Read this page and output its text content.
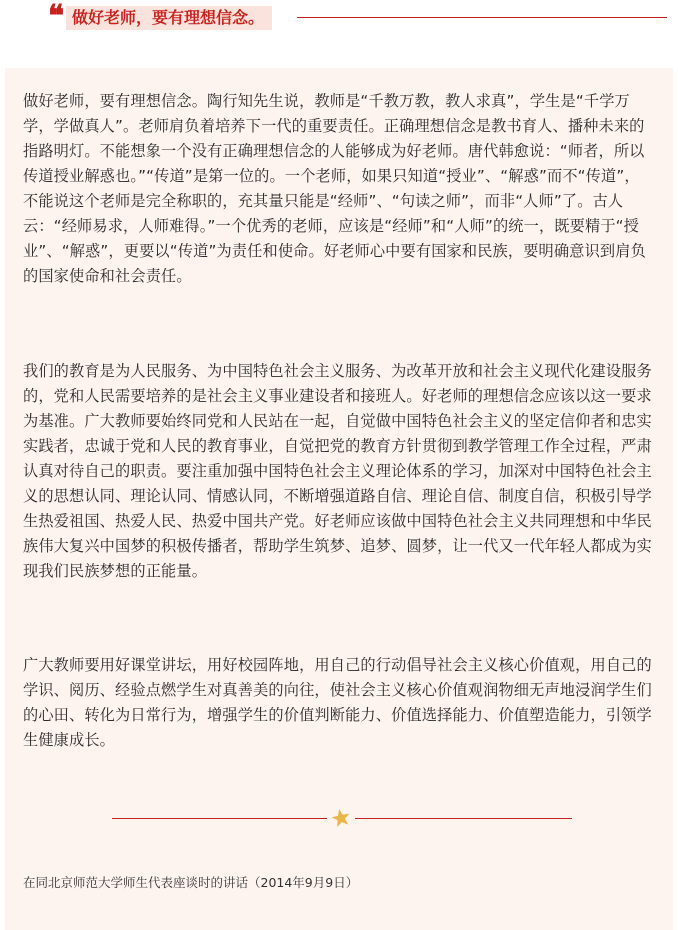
❝ 做好老师，要有理想信念。

做好老师，要有理想信念。陶行知先生说，教师是“千教万教，教人求真”，学生是“千学万学，学做真人”。老师肩负着培养下一代的重要责任。正确理想信念是教书育人、播种未来的指路明灯。不能想象一个没有正确理想信念的人能够成为好老师。唐代韩愈说：“师者，所以传道授业解惑也。”“传道”是第一位的。一个老师，如果只知道“授业”、“解惑”而不“传道”，不能说这个老师是完全称职的，充其量只能是“经师”、“句读之师”，而非“人师”了。古人云：“经师易求，人师难得。”一个优秀的老师，应该是“经师”和“人师”的统一，既要精于“授业”、“解惑”，更要以“传道”为责任和使命。好老师心中要有国家和民族，要明确意识到肩负的国家使命和社会责任。

我们的教育是为人民服务、为中国特色社会主义服务、为改革开放和社会主义现代化建设服务的，党和人民需要培养的是社会主义事业建设者和接班人。好老师的理想信念应该以这一要求为基准。广大教师要始终同党和人民站在一起，自觉做中国特色社会主义的坚定信仰者和忠实实践者，忠诚于党和人民的教育事业，自觉把党的教育方针贯彻到教学管理工作全过程，严肃认真对待自己的职责。要注重加强中国特色社会主义理论体系的学习，加深对中国特色社会主义的思想认同、理论认同、情感认同，不断增强道路自信、理论自信、制度自信，积极引导学生热爱祖国、热爱人民、热爱中国共产党。好老师应该做中国特色社会主义共同理想和中华民族伟大复兴中国梦的积极传播者，帮助学生筑梦、追梦、圆梦，让一代又一代年轻人都成为实现我们民族梦想的正能量。

广大教师要用好课堂讲坛，用好校园阵地，用自己的行动倡导社会主义核心价值观，用自己的学识、阅历、经验点燃学生对真善美的向往，使社会主义核心价值观润物细无声地浸润学生们的心田、转化为日常行为，增强学生的价值判断能力、价值选择能力、价值塑造能力，引领学生健康成长。

在同北京师范大学师生代表座谈时的讲话（2014年9月9日）
